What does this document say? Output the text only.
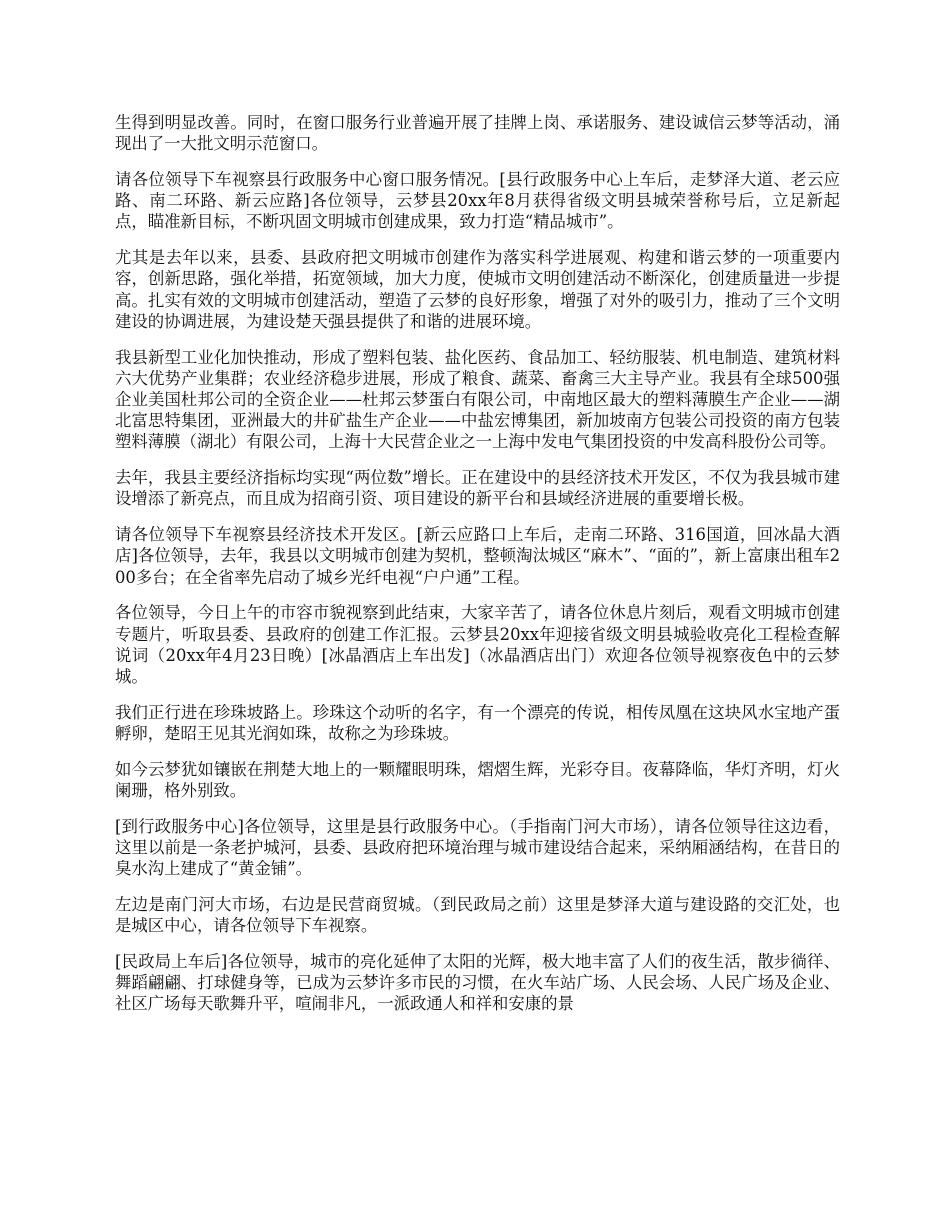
生得到明显改善。同时，在窗口服务行业普遍开展了挂牌上岗、承诺服务、建设诚信云梦等活动，涌现出了一大批文明示范窗口。

请各位领导下车视察县行政服务中心窗口服务情况。[县行政服务中心上车后，走梦泽大道、老云应路、南二环路、新云应路]各位领导，云梦县20xx年8月获得省级文明县城荣誉称号后，立足新起点，瞄准新目标，不断巩固文明城市创建成果，致力打造“精品城市”。

尤其是去年以来，县委、县政府把文明城市创建作为落实科学进展观、构建和谐云梦的一项重要内容，创新思路，强化举措，拓宽领域，加大力度，使城市文明创建活动不断深化，创建质量进一步提高。扎实有效的文明城市创建活动，塑造了云梦的良好形象，增强了对外的吸引力，推动了三个文明建设的协调进展，为建设楚天强县提供了和谐的进展环境。

我县新型工业化加快推动，形成了塑料包装、盐化医药、食品加工、轻纺服装、机电制造、建筑材料六大优势产业集群；农业经济稳步进展，形成了粮食、蔬菜、畜禽三大主导产业。我县有全球500强企业美国杜邦公司的全资企业——杜邦云梦蛋白有限公司，中南地区最大的塑料薄膜生产企业——湖北富思特集团，亚洲最大的井矿盐生产企业——中盐宏博集团，新加坡南方包装公司投资的南方包装塑料薄膜（湖北）有限公司，上海十大民营企业之一上海中发电气集团投资的中发高科股份公司等。

去年，我县主要经济指标均实现“两位数”增长。正在建设中的县经济技术开发区，不仅为我县城市建设增添了新亮点，而且成为招商引资、项目建设的新平台和县域经济进展的重要增长极。

请各位领导下车视察县经济技术开发区。[新云应路口上车后，走南二环路、316国道，回冰晶大酒店]各位领导，去年，我县以文明城市创建为契机，整顿淘汰城区“麻木”、“面的”，新上富康出租车200多台；在全省率先启动了城乡光纤电视“户户通”工程。

各位领导，今日上午的市容市貌视察到此结束，大家辛苦了，请各位休息片刻后，观看文明城市创建专题片，听取县委、县政府的创建工作汇报。云梦县20xx年迎接省级文明县城验收亮化工程检查解说词（20xx年4月23日晚）[冰晶酒店上车出发]（冰晶酒店出门）欢迎各位领导视察夜色中的云梦城。

我们正行进在珍珠坡路上。珍珠这个动听的名字，有一个漂亮的传说，相传凤凰在这块风水宝地产蛋孵卵，楚昭王见其光润如珠，故称之为珍珠坡。

如今云梦犹如镶嵌在荆楚大地上的一颗耀眼明珠，熠熠生辉，光彩夺目。夜幕降临，华灯齐明，灯火阑珊，格外别致。

[到行政服务中心]各位领导，这里是县行政服务中心。（手指南门河大市场），请各位领导往这边看，这里以前是一条老护城河，县委、县政府把环境治理与城市建设结合起来，采纳厢涵结构，在昔日的臭水沟上建成了“黄金铺”。

左边是南门河大市场，右边是民营商贸城。（到民政局之前）这里是梦泽大道与建设路的交汇处，也是城区中心，请各位领导下车视察。

[民政局上车后]各位领导，城市的亮化延伸了太阳的光辉，极大地丰富了人们的夜生活，散步徜徉、舞蹈翩翩、打球健身等，已成为云梦许多市民的习惯，在火车站广场、人民会场、人民广场及企业、社区广场每天歌舞升平，喧闹非凡，一派政通人和祥和安康的景
